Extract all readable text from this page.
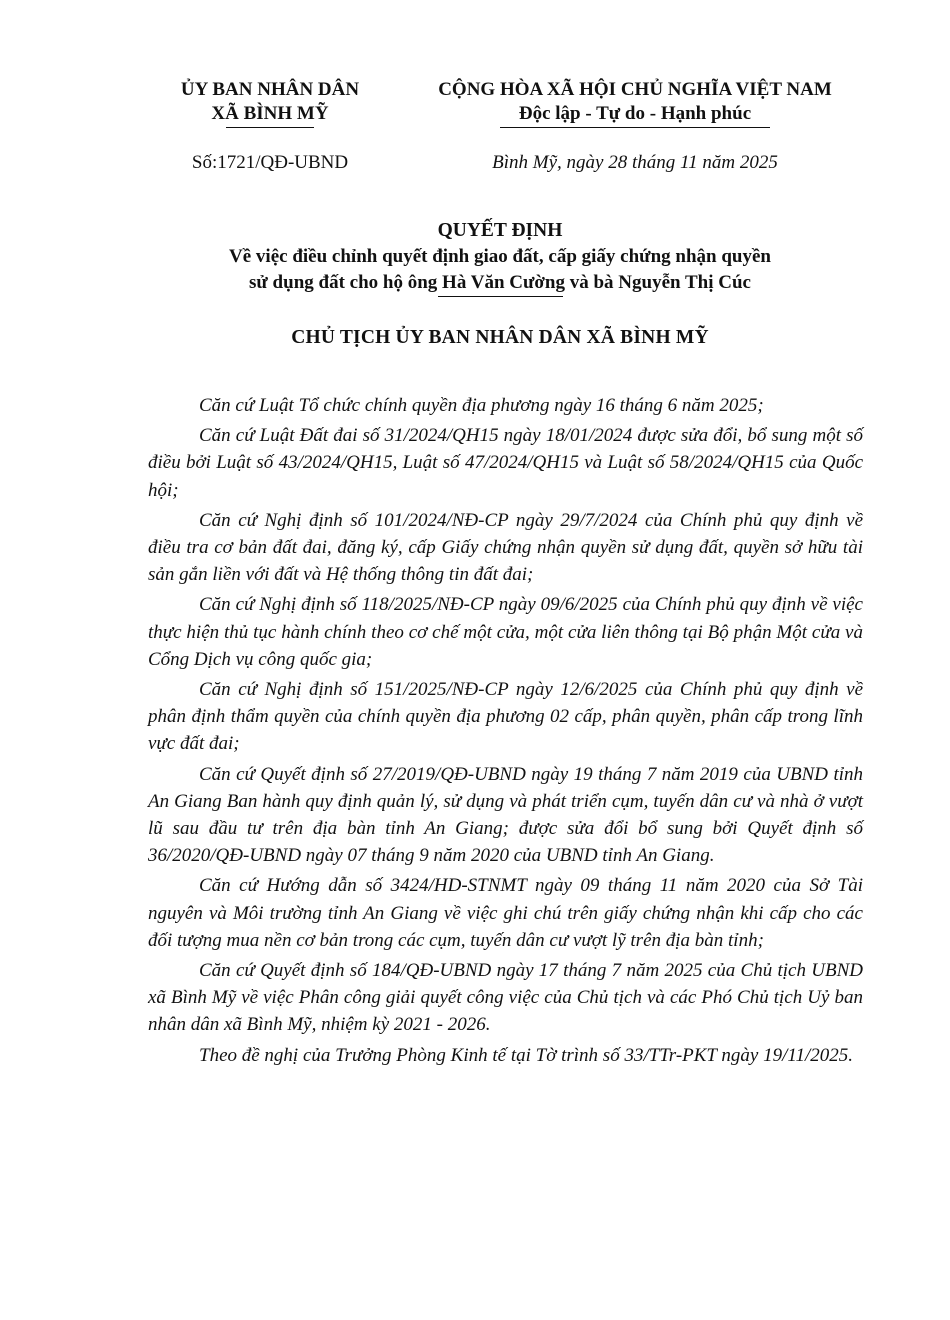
ỦY BAN NHÂN DÂN
XÃ BÌNH MỸ
CỘNG HÒA XÃ HỘI CHỦ NGHĨA VIỆT NAM
Độc lập - Tự do - Hạnh phúc
Số:1721/QĐ-UBND	Bình Mỹ, ngày 28 tháng 11 năm 2025
QUYẾT ĐỊNH
Về việc điều chỉnh quyết định giao đất, cấp giấy chứng nhận quyền
sử dụng đất cho hộ ông Hà Văn Cường và bà Nguyễn Thị Cúc
CHỦ TỊCH ỦY BAN NHÂN DÂN XÃ BÌNH MỸ

Căn cứ Luật Tổ chức chính quyền địa phương ngày 16 tháng 6 năm 2025;

Căn cứ Luật Đất đai số 31/2024/QH15 ngày 18/01/2024 được sửa đổi, bổ sung một số điều bởi Luật số 43/2024/QH15, Luật số 47/2024/QH15 và Luật số 58/2024/QH15 của Quốc hội;

Căn cứ Nghị định số 101/2024/NĐ-CP ngày 29/7/2024 của Chính phủ quy định về điều tra cơ bản đất đai, đăng ký, cấp Giấy chứng nhận quyền sử dụng đất, quyền sở hữu tài sản gắn liền với đất và Hệ thống thông tin đất đai;

Căn cứ Nghị định số 118/2025/NĐ-CP ngày 09/6/2025 của Chính phủ quy định về việc thực hiện thủ tục hành chính theo cơ chế một cửa, một cửa liên thông tại Bộ phận Một cửa và Cổng Dịch vụ công quốc gia;

Căn cứ Nghị định số 151/2025/NĐ-CP ngày 12/6/2025 của Chính phủ quy định về phân định thẩm quyền của chính quyền địa phương 02 cấp, phân quyền, phân cấp trong lĩnh vực đất đai;

Căn cứ Quyết định số 27/2019/QĐ-UBND ngày 19 tháng 7 năm 2019 của UBND tỉnh An Giang Ban hành quy định quản lý, sử dụng và phát triển cụm, tuyến dân cư và nhà ở vượt lũ sau đầu tư trên địa bàn tỉnh An Giang; được sửa đổi bổ sung bởi Quyết định số 36/2020/QĐ-UBND ngày 07 tháng 9 năm 2020 của UBND tỉnh An Giang.

Căn cứ Hướng dẫn số 3424/HD-STNMT ngày 09 tháng 11 năm 2020 của Sở Tài nguyên và Môi trường tỉnh An Giang về việc ghi chú trên giấy chứng nhận khi cấp cho các đối tượng mua nền cơ bản trong các cụm, tuyến dân cư vượt lỹ trên địa bàn tỉnh;

Căn cứ Quyết định số 184/QĐ-UBND ngày 17 tháng 7 năm 2025 của Chủ tịch UBND xã Bình Mỹ về việc Phân công giải quyết công việc của Chủ tịch và các Phó Chủ tịch Uỷ ban nhân dân xã Bình Mỹ, nhiệm kỳ 2021 - 2026.

Theo đề nghị của Trưởng Phòng Kinh tế tại Tờ trình số 33/TTr-PKT ngày 19/11/2025.
